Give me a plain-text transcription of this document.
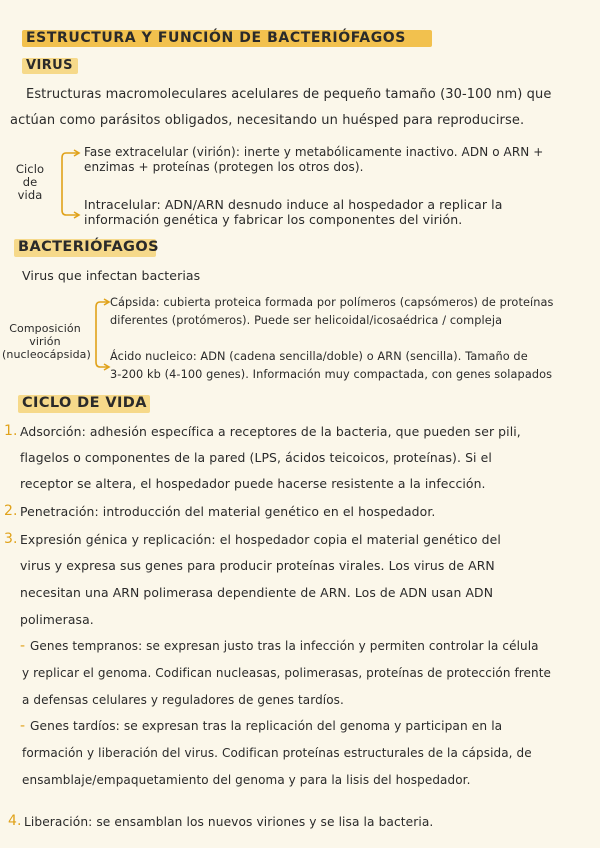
ESTRUCTURA Y FUNCIÓN DE BACTERIÓFAGOS
VIRUS
Estructuras macromoleculares acelulares de pequeño tamaño (30-100 nm) que
actúan como parásitos obligados, necesitando un huésped para reproducirse.
Ciclo
de
vida
Fase extracelular (virión): inerte y metabólicamente inactivo. ADN o ARN +
enzimas + proteínas (protegen los otros dos).
Intracelular: ADN/ARN desnudo induce al hospedador a replicar la
información genética y fabricar los componentes del virión.
BACTERIÓFAGOS
Virus que infectan bacterias
Composición
virión
(nucleocápsida)
Cápsida: cubierta proteica formada por polímeros (capsómeros) de proteínas
diferentes (protómeros). Puede ser helicoidal/icosaédrica / compleja
Ácido nucleico: ADN (cadena sencilla/doble) o ARN (sencilla). Tamaño de
3-200 kb (4-100 genes). Información muy compactada, con genes solapados
CICLO DE VIDA
1. Adsorción: adhesión específica a receptores de la bacteria, que pueden ser pili,
flagelos o componentes de la pared (LPS, ácidos teicoicos, proteínas). Si el
receptor se altera, el hospedador puede hacerse resistente a la infección.
2. Penetración: introducción del material genético en el hospedador.
3. Expresión génica y replicación: el hospedador copia el material genético del
virus y expresa sus genes para producir proteínas virales. Los virus de ARN
necesitan una ARN polimerasa dependiente de ARN. Los de ADN usan ADN
polimerasa.
- Genes tempranos: se expresan justo tras la infección y permiten controlar la célula
y replicar el genoma. Codifican nucleasas, polimerasas, proteínas de protección frente
a defensas celulares y reguladores de genes tardíos.
- Genes tardíos: se expresan tras la replicación del genoma y participan en la
formación y liberación del virus. Codifican proteínas estructurales de la cápsida, de
ensamblaje/empaquetamiento del genoma y para la lisis del hospedador.
4. Liberación: se ensamblan los nuevos viriones y se lisa la bacteria.
